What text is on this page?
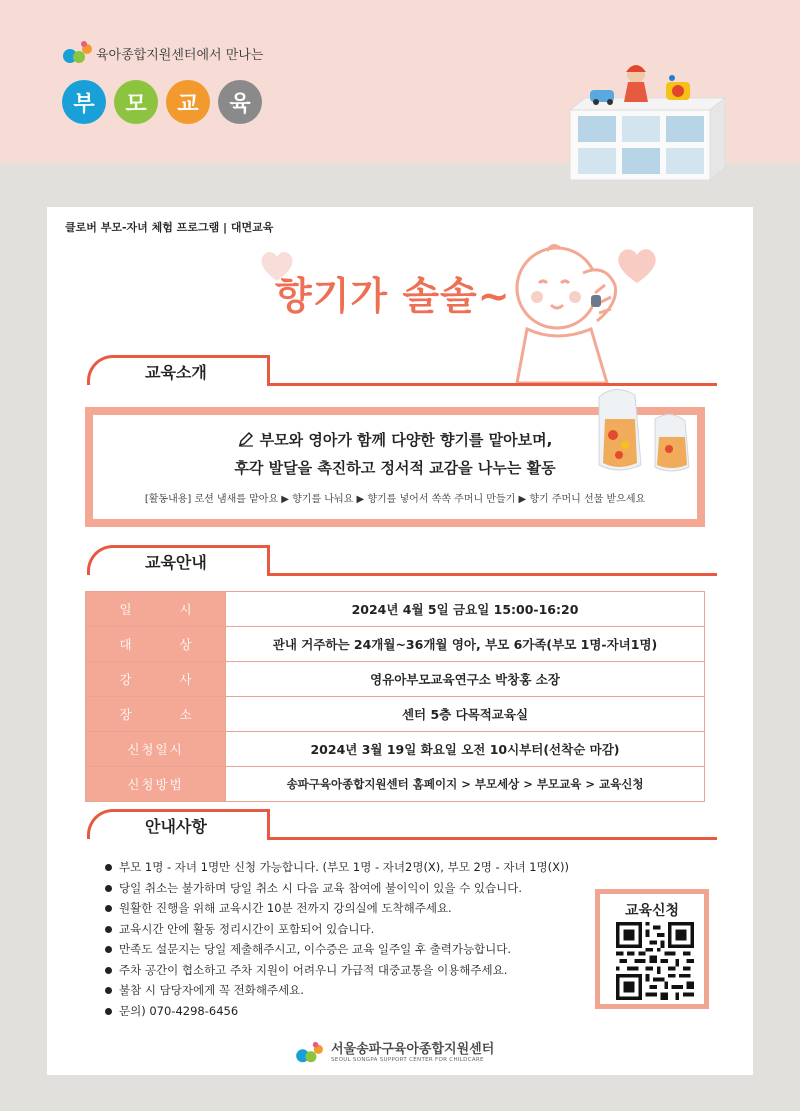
육아종합지원센터에서 만나는
부	모	교	육
클로버 부모-자녀 체험 프로그램 | 대면교육
향기가 솔솔~
교육소개
부모와 영아가 함께 다양한 향기를 맡아보며,
후각 발달을 촉진하고 정서적 교감을 나누는 활동
[활동내용] 로션 냄새를 맡아요 ▶ 향기를 나눠요 ▶ 향기를 넣어서 쏙쏙 주머니 만들기 ▶ 향기 주머니 선물 받으세요
교육안내
일 시	2024년 4월 5일 금요일 15:00-16:20
대 상	관내 거주하는 24개월~36개월 영아, 부모 6가족(부모 1명-자녀1명)
강 사	영유아부모교육연구소 박창홍 소장
장 소	센터 5층 다목적교육실
신청일시	2024년 3월 19일 화요일 오전 10시부터(선착순 마감)
신청방법	송파구육아종합지원센터 홈페이지 > 부모세상 > 부모교육 > 교육신청
안내사항
부모 1명 - 자녀 1명만 신청 가능합니다. (부모 1명 - 자녀2명(X), 부모 2명 - 자녀 1명(X))
당일 취소는 불가하며 당일 취소 시 다음 교육 참여에 불이익이 있을 수 있습니다.
원활한 진행을 위해 교육시간 10분 전까지 강의실에 도착해주세요.
교육시간 안에 활동 정리시간이 포함되어 있습니다.
만족도 설문지는 당일 제출해주시고, 이수증은 교육 일주일 후 출력가능합니다.
주차 공간이 협소하고 주차 지원이 어려우니 가급적 대중교통을 이용해주세요.
불참 시 담당자에게 꼭 전화해주세요.
문의) 070-4298-6456
교육신청
서울송파구육아종합지원센터
SEOUL SONGPA SUPPORT CENTER FOR CHILDCARE
